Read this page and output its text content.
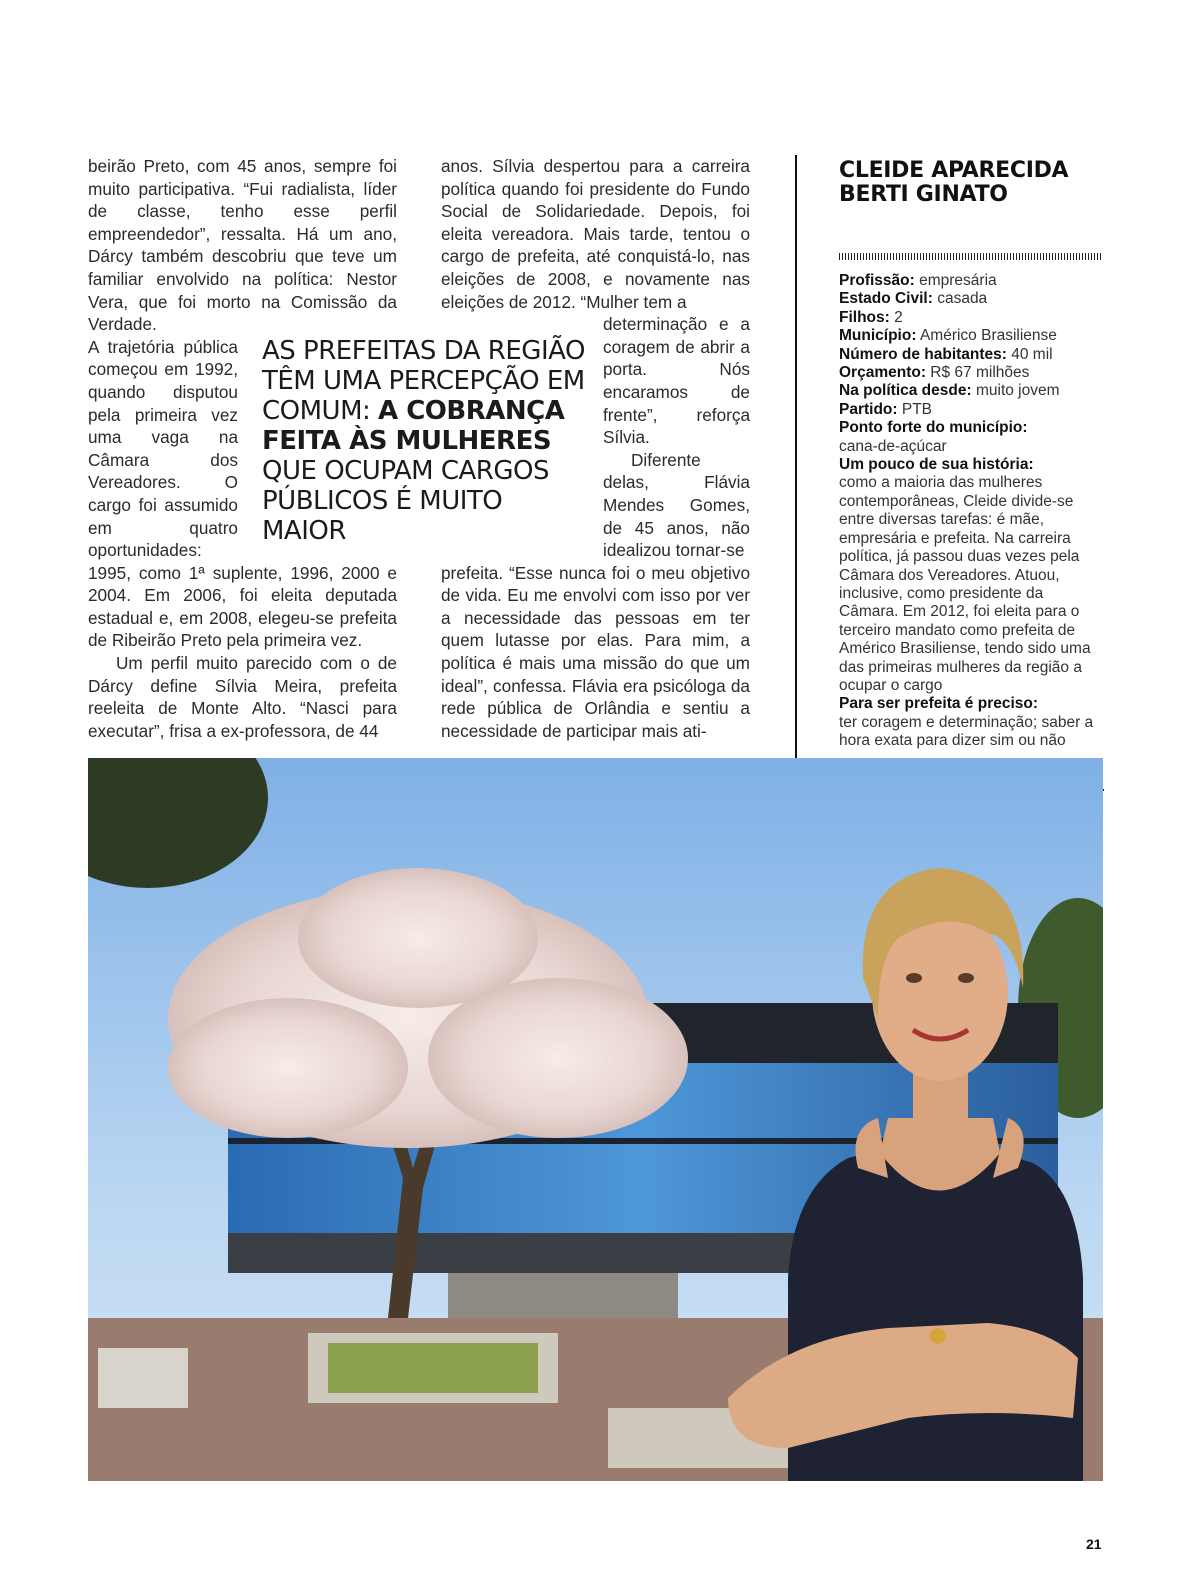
beirão Preto, com 45 anos, sempre foi muito participativa. “Fui radialista, líder de classe, tenho esse perfil empreendedor”, ressalta. Há um ano, Dárcy também descobriu que teve um familiar envolvido na política: Nestor Vera, que foi morto na Comissão da Verdade.

A trajetória pública começou em 1992, quando disputou pela primeira vez uma vaga na Câmara dos Vereadores. O cargo foi assumido em quatro oportunidades:

1995, como 1ª suplente, 1996, 2000 e 2004. Em 2006, foi eleita deputada estadual e, em 2008, elegeu-se prefeita de Ribeirão Preto pela primeira vez.

Um perfil muito parecido com o de Dárcy define Sílvia Meira, prefeita reeleita de Monte Alto. “Nasci para executar”, frisa a ex-professora, de 44

anos. Sílvia despertou para a carreira política quando foi presidente do Fundo Social de Solidariedade. Depois, foi eleita vereadora. Mais tarde, tentou o cargo de prefeita, até conquistá-lo, nas eleições de 2008, e novamente nas eleições de 2012. “Mulher tem a

determinação e a coragem de abrir a porta. Nós encaramos de frente”, reforça Sílvia.

Diferente delas, Flávia Mendes Gomes, de 45 anos, não idealizou tornar-se

prefeita. “Esse nunca foi o meu objetivo de vida. Eu me envolvi com isso por ver a necessidade das pessoas em ter quem lutasse por elas. Para mim, a política é mais uma missão do que um ideal”, confessa. Flávia era psicóloga da rede pública de Orlândia e sentiu a necessidade de participar mais ati-

AS PREFEITAS DA REGIÃO TÊM UMA PERCEPÇÃO EM COMUM: A COBRANÇA FEITA ÀS MULHERES QUE OCUPAM CARGOS PÚBLICOS É MUITO MAIOR
CLEIDE APARECIDA BERTI GINATO

Profissão: empresária

Estado Civil: casada

Filhos: 2

Município: Américo Brasiliense

Número de habitantes: 40 mil

Orçamento: R$ 67 milhões

Na política desde: muito jovem

Partido: PTB

Ponto forte do município:
cana-de-açúcar

Um pouco de sua história:
como a maioria das mulheres contemporâneas, Cleide divide-se entre diversas tarefas: é mãe, empresária e prefeita. Na carreira política, já passou duas vezes pela Câmara dos Vereadores. Atuou, inclusive, como presidente da Câmara. Em 2012, foi eleita para o terceiro mandato como prefeita de Américo Brasiliense, tendo sido uma das primeiras mulheres da região a ocupar o cargo

Para ser prefeita é preciso:
ter coragem e determinação; saber a hora exata para dizer sim ou não

21
